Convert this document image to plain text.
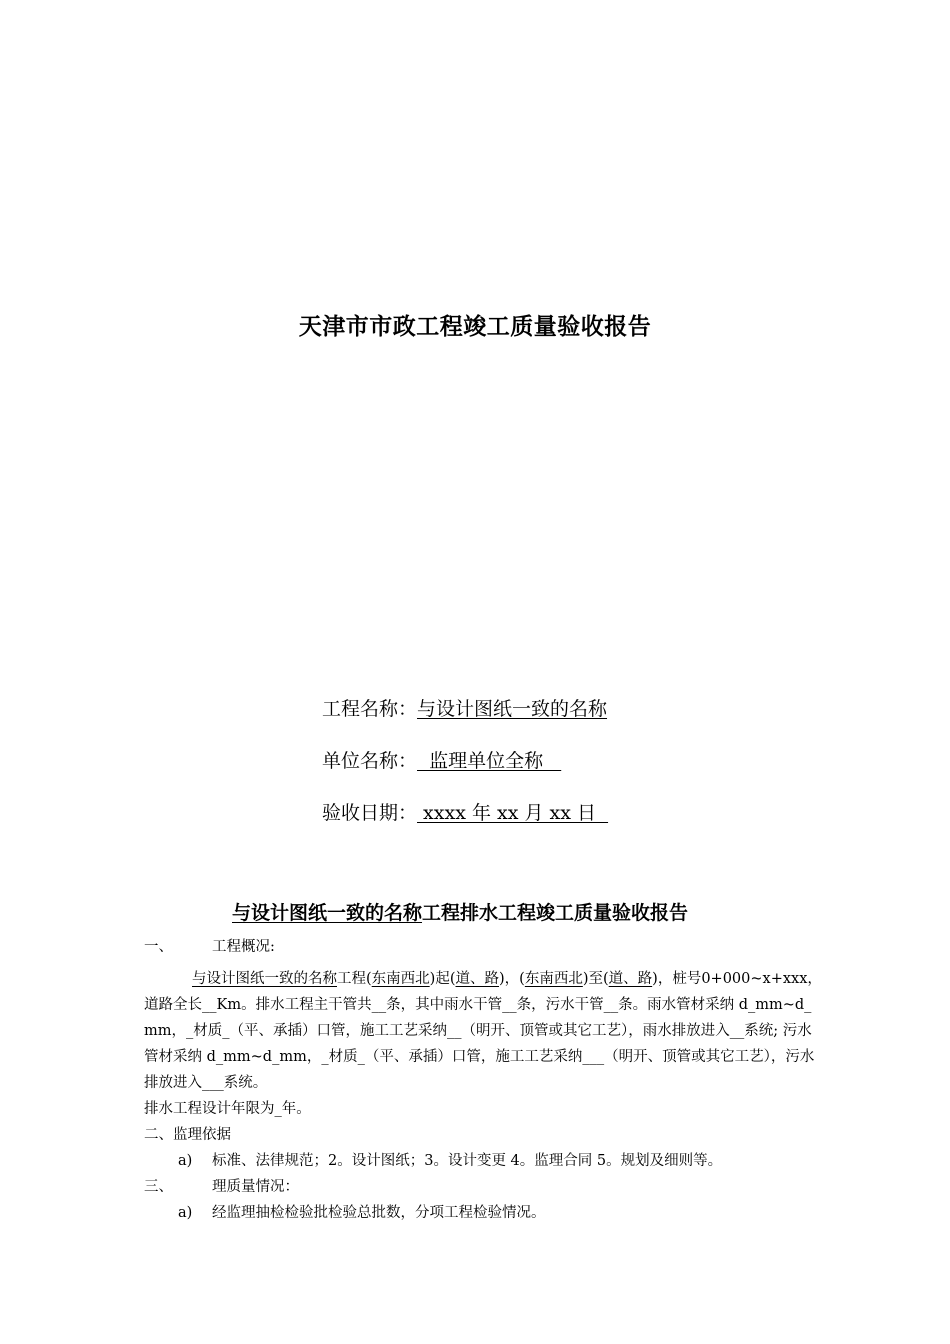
天津市市政工程竣工质量验收报告
工程名称：与设计图纸一致的名称
单位名称：  监理单位全称
验收日期： xxxx 年 xx 月 xx 日
与设计图纸一致的名称工程排水工程竣工质量验收报告
一、	工程概况:
与设计图纸一致的名称工程(东南西北)起(道、路)，(东南西北)至(道、路)，桩号0+000~x+xxx，道路全长__Km。排水工程主干管共__条，其中雨水干管__条，污水干管__条。雨水管材采纳 d_mm~d_mm，_材质_（平、承插）口管，施工工艺采纳__（明开、顶管或其它工艺），雨水排放进入__系统; 污水管材采纳 d_mm~d_mm，_材质_（平、承插）口管，施工工艺采纳___（明开、顶管或其它工艺），污水排放进入___系统。
排水工程设计年限为_年。
二、监理依据
a) 标准、法律规范；2。设计图纸；3。设计变更 4。监理合同 5。规划及细则等。
三、	理质量情况：
a) 经监理抽检检验批检验总批数，分项工程检验情况。
